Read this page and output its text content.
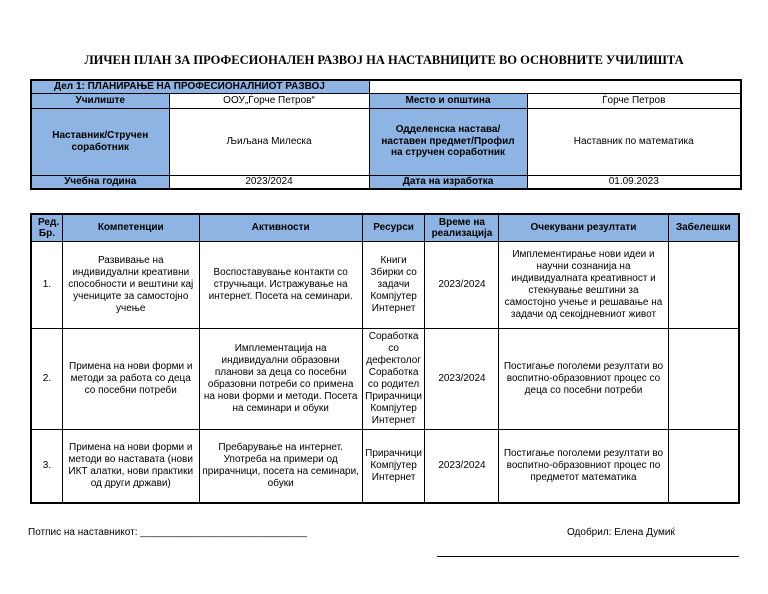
ЛИЧЕН ПЛАН ЗА ПРОФЕСИОНАЛЕН РАЗВОЈ НА НАСТАВНИЦИТЕ ВО ОСНОВНИТЕ УЧИЛИШТА
Дел 1: ПЛАНИРАЊЕ НА ПРОФЕСИОНАЛНИОТ РАЗВОЈ			
Училиште	ООУ„Ѓорче Петров“	Место и општина	Ѓорче Петров
Наставник/Стручен соработник	Љиљана Милеска	Одделенска настава/наставен предмет/Профил на стручен соработник	Наставник по математика
Учебна година	2023/2024	Дата на изработка	01.09.2023
Ред. Бр.	Компетенции	Активности	Ресурси	Време на реализација	Очекувани резултати	Забелешки
1.	Развивање на индивидуални креативни способности и вештини кај учениците за самостојно учење	Воспоставување контакти со стручњаци. Истражување на интернет. Посета на семинари.	Книги Збирки со задачи Компјутер Интернет	2023/2024	Имплементирање нови идеи и научни сознанија на индивидуалната креативност и стекнување вештини за самостојно учење и решавање на задачи од секојдневниот живот	
2.	Примена на нови форми и методи за работа со деца со посебни потреби	Имплементација на индивидуални образовни планови за деца со посебни образовни потреби со примена на нови форми и методи. Посета на семинари и обуки	Соработка со дефектолог Соработка со родител Прирачници Компјутер Интернет	2023/2024	Постигање поголеми резултати во воспитно-образовниот процес со деца со посебни потреби	
3.	Примена на нови форми и методи во наставата (нови ИКТ алатки, нови практики од други држави)	Пребарување на интернет. Употреба на примери од прирачници, посета на семинари, обуки	Прирачници Компјутер Интернет	2023/2024	Постигање поголеми резултати во воспитно-образовниот процес по предметот математика	
Потпис на наставникот: ______________________________	Одобрил: Елена Думиќ
